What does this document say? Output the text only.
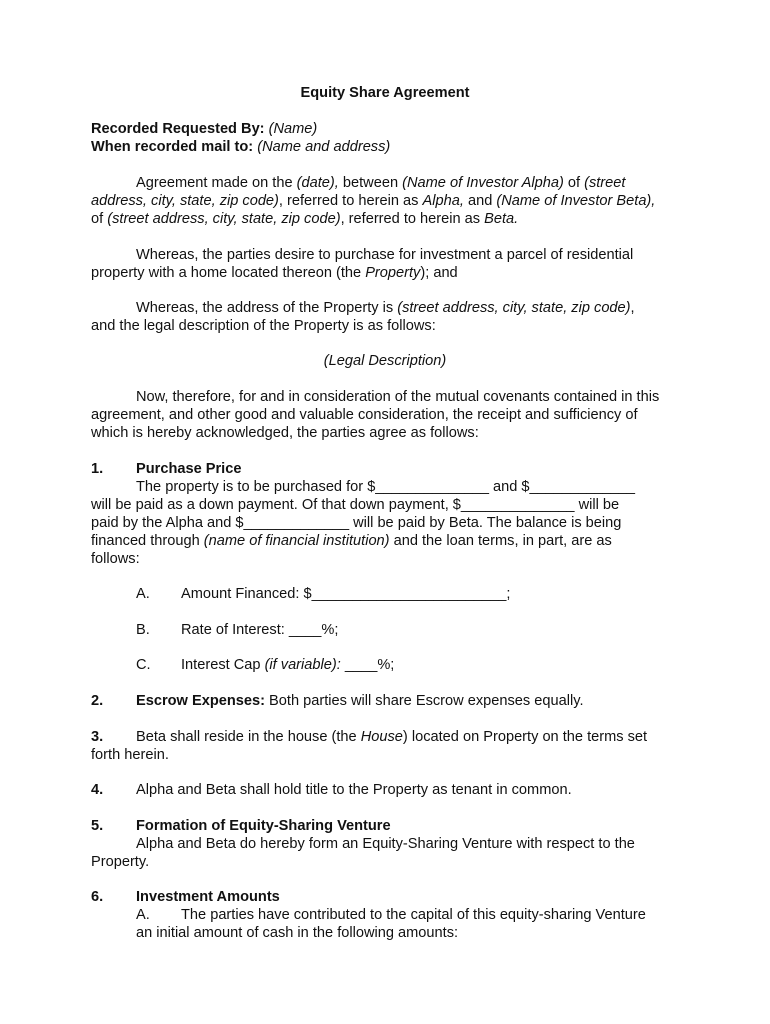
Equity Share Agreement
Recorded Requested By: (Name)
When recorded mail to: (Name and address)
Agreement made on the (date), between (Name of Investor Alpha) of (street
address, city, state, zip code), referred to herein as Alpha, and (Name of Investor Beta),
of (street address, city, state, zip code), referred to herein as Beta.
Whereas, the parties desire to purchase for investment a parcel of residential
property with a home located thereon (the Property); and
Whereas, the address of the Property is (street address, city, state, zip code),
and the legal description of the Property is as follows:
(Legal Description)
Now, therefore, for and in consideration of the mutual covenants contained in this
agreement, and other good and valuable consideration, the receipt and sufficiency of
which is hereby acknowledged, the parties agree as follows:
1. Purchase Price
The property is to be purchased for $______________ and $_____________
will be paid as a down payment. Of that down payment, $______________ will be
paid by the Alpha and $_____________ will be paid by Beta. The balance is being
financed through (name of financial institution) and the loan terms, in part, are as
follows:
A. Amount Financed: $________________________;
B. Rate of Interest: ____%;
C. Interest Cap (if variable): ____%;
2. Escrow Expenses: Both parties will share Escrow expenses equally.
3. Beta shall reside in the house (the House) located on Property on the terms set
forth herein.
4. Alpha and Beta shall hold title to the Property as tenant in common.
5. Formation of Equity-Sharing Venture
Alpha and Beta do hereby form an Equity-Sharing Venture with respect to the
Property.
6. Investment Amounts
A. The parties have contributed to the capital of this equity-sharing Venture
an initial amount of cash in the following amounts:
